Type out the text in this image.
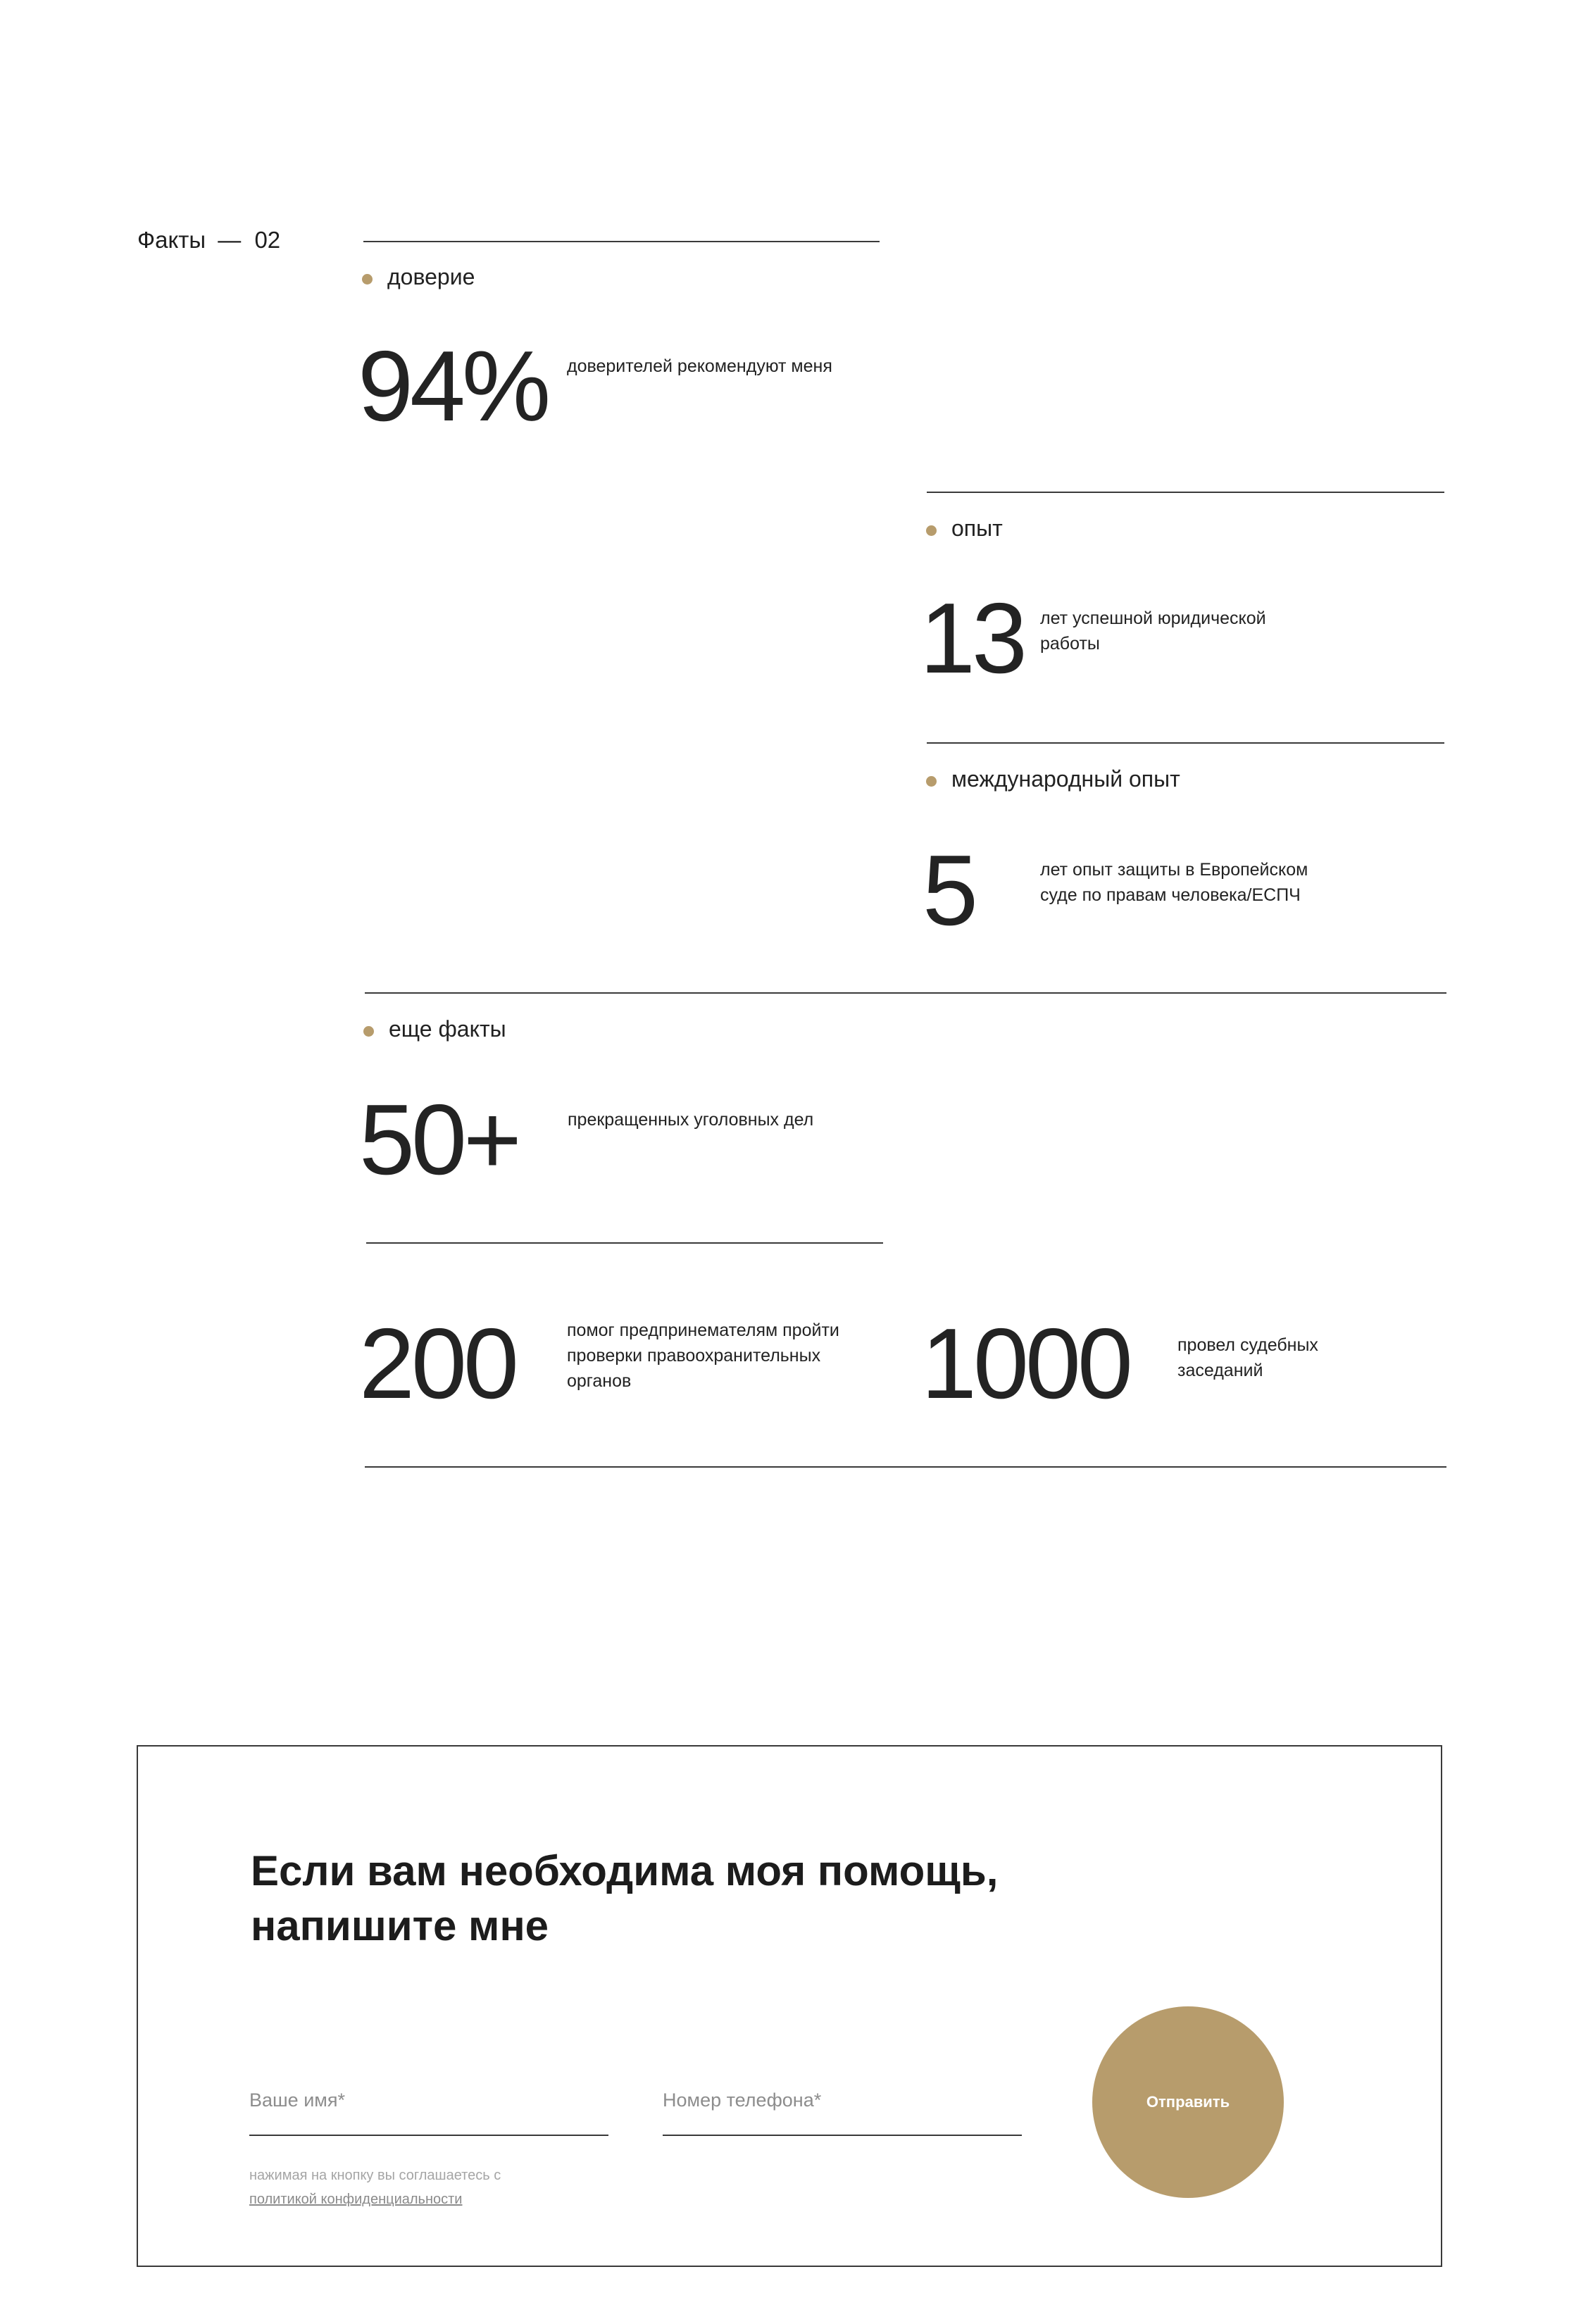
Факты — 02
доверие
94% доверителей рекомендуют меня
опыт
13 лет успешной юридической работы
международный опыт
5	лет опыт защиты в Европейском суде по правам человека/ЕСПЧ
еще факты
50+	прекращенных уголовных дел
200	помог предпринемателям пройти проверки правоохранительных органов	1000	провел судебных заседаний
Если вам необходима моя помощь, напишите мне
Ваше имя*
Номер телефона*
нажимая на кнопку вы соглашаетесь с
политикой конфиденциальности
Отправить
